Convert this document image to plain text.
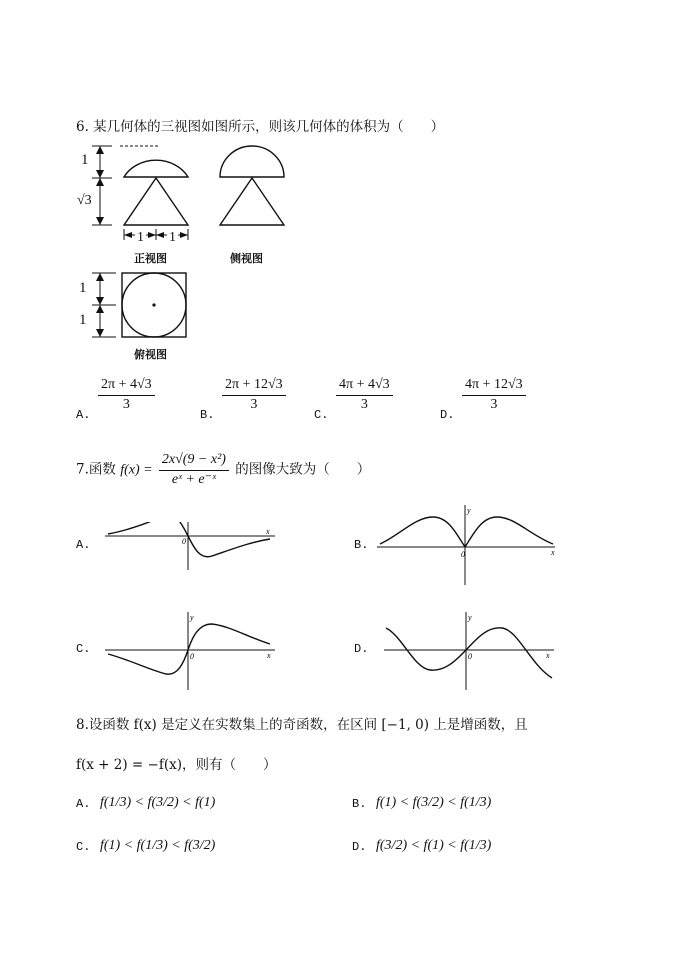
6. 某几何体的三视图如图所示，则该几何体的体积为（　　）
1
√3
1 1
正视图	侧视图
1
1
俯视图
A.
$\frac{2\pi + 4√3}{3}$
B.
$\frac{2\pi + 12√3}{3}$
C.
$\frac{4\pi + 4√3}{3}$
D.
$\frac{4\pi + 12√3}{3}$
7.函数 $f(x) = \frac{\text{2x√(9 − x²)}}{\text{eˣ + e⁻ˣ}}$ 的图像大致为（　　）
A.
x
0	B.
y
x
0
C.
y
x
0
D.
y
x
0
8.设函数 f(x) 是定义在实数集上的奇函数，在区间 [−1, 0) 上是增函数，且
f(x + 2) = −f(x)，则有（　　）
A. f(1/3) < f(3/2) < f(1)	B. f(1) < f(3/2) < f(1/3)
C. f(1) < f(1/3) < f(3/2)	D. f(3/2) < f(1) < f(1/3)
